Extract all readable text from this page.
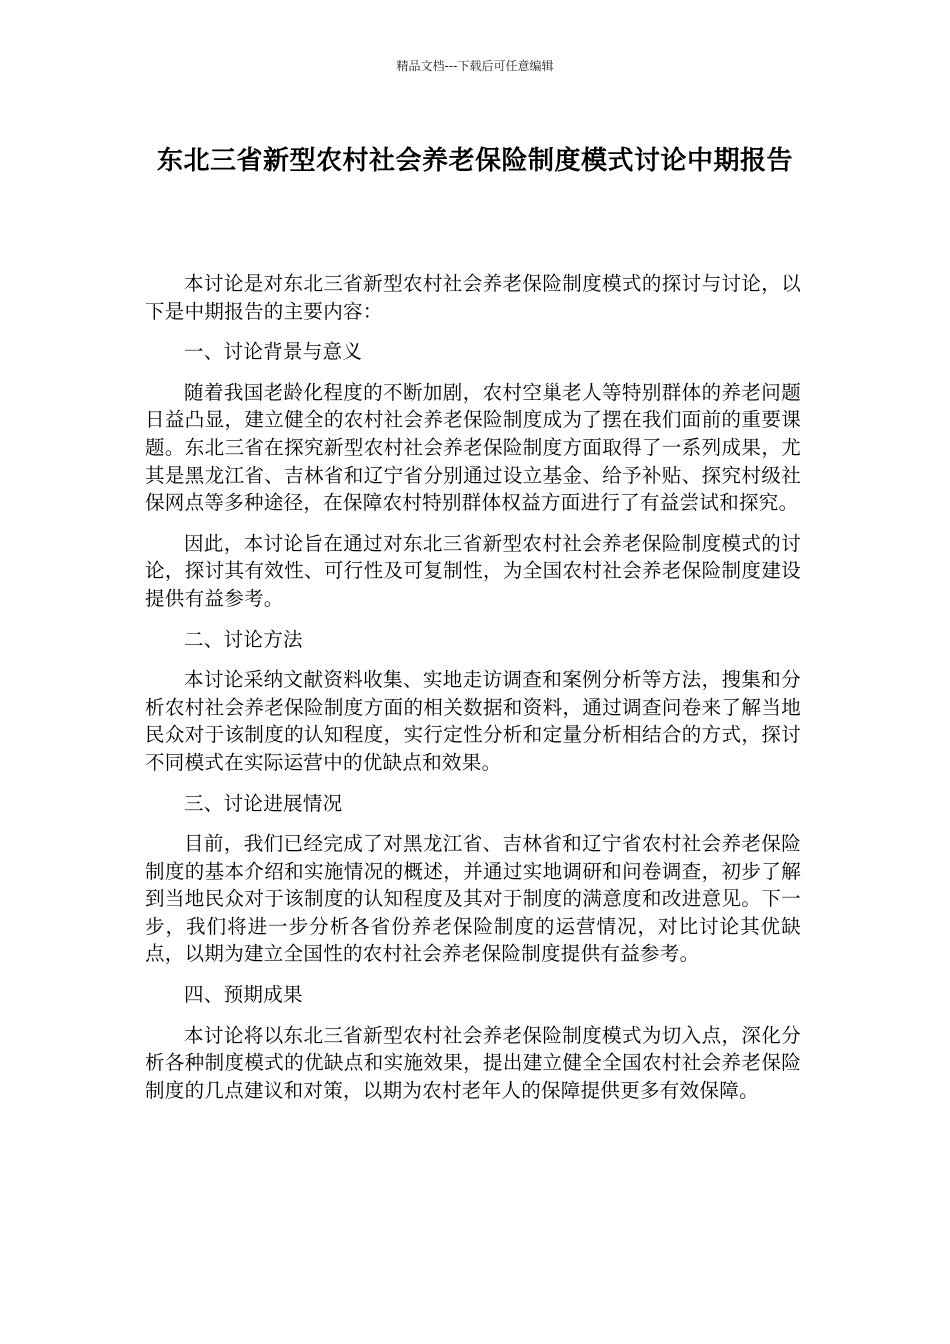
精品文档---下载后可任意编辑
东北三省新型农村社会养老保险制度模式讨论中期报告

本讨论是对东北三省新型农村社会养老保险制度模式的探讨与讨论，以下是中期报告的主要内容：

一、讨论背景与意义

随着我国老龄化程度的不断加剧，农村空巢老人等特别群体的养老问题日益凸显，建立健全的农村社会养老保险制度成为了摆在我们面前的重要课题。东北三省在探究新型农村社会养老保险制度方面取得了一系列成果，尤其是黑龙江省、吉林省和辽宁省分别通过设立基金、给予补贴、探究村级社保网点等多种途径，在保障农村特别群体权益方面进行了有益尝试和探究。

因此，本讨论旨在通过对东北三省新型农村社会养老保险制度模式的讨论，探讨其有效性、可行性及可复制性，为全国农村社会养老保险制度建设提供有益参考。

二、讨论方法

本讨论采纳文献资料收集、实地走访调查和案例分析等方法，搜集和分析农村社会养老保险制度方面的相关数据和资料，通过调查问卷来了解当地民众对于该制度的认知程度，实行定性分析和定量分析相结合的方式，探讨不同模式在实际运营中的优缺点和效果。

三、讨论进展情况

目前，我们已经完成了对黑龙江省、吉林省和辽宁省农村社会养老保险制度的基本介绍和实施情况的概述，并通过实地调研和问卷调查，初步了解到当地民众对于该制度的认知程度及其对于制度的满意度和改进意见。下一步，我们将进一步分析各省份养老保险制度的运营情况，对比讨论其优缺点，以期为建立全国性的农村社会养老保险制度提供有益参考。

四、预期成果

本讨论将以东北三省新型农村社会养老保险制度模式为切入点，深化分析各种制度模式的优缺点和实施效果，提出建立健全全国农村社会养老保险制度的几点建议和对策，以期为农村老年人的保障提供更多有效保障。
